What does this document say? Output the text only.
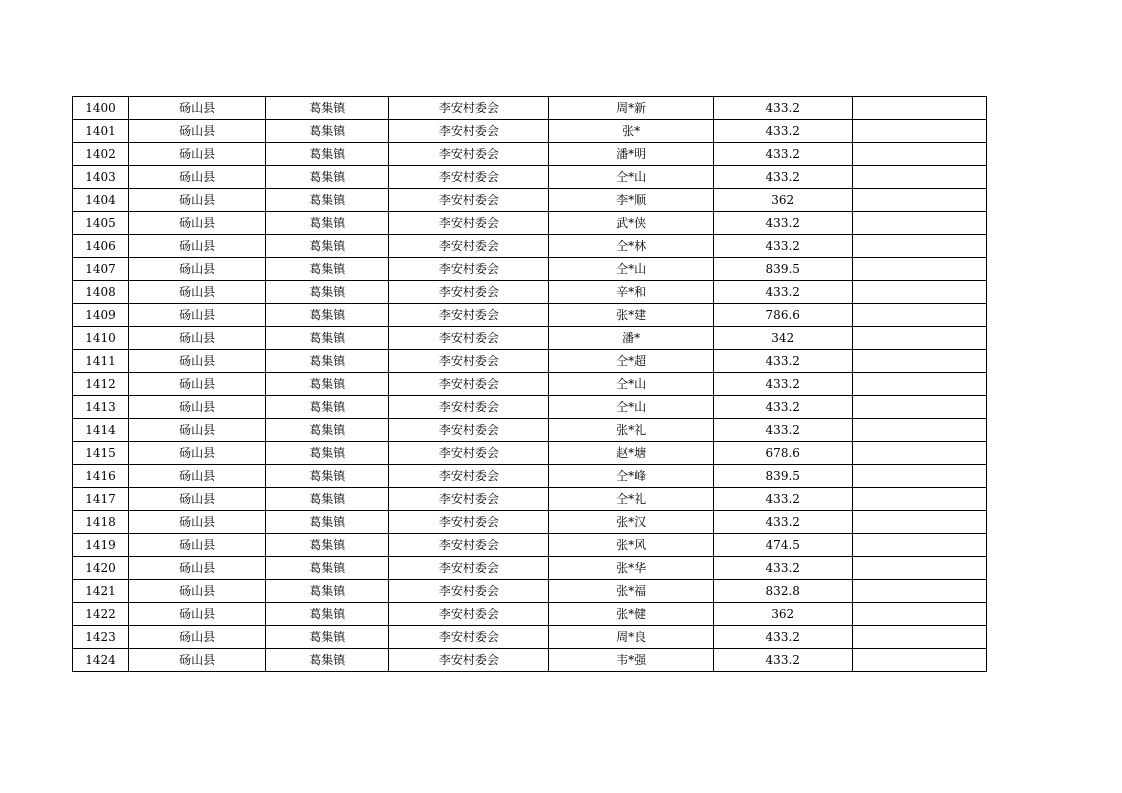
1400	砀山县	葛集镇	李安村委会	周*新	433.2	
1401	砀山县	葛集镇	李安村委会	张*	433.2	
1402	砀山县	葛集镇	李安村委会	潘*明	433.2	
1403	砀山县	葛集镇	李安村委会	仝*山	433.2	
1404	砀山县	葛集镇	李安村委会	李*顺	362	
1405	砀山县	葛集镇	李安村委会	武*侠	433.2	
1406	砀山县	葛集镇	李安村委会	仝*林	433.2	
1407	砀山县	葛集镇	李安村委会	仝*山	839.5	
1408	砀山县	葛集镇	李安村委会	辛*和	433.2	
1409	砀山县	葛集镇	李安村委会	张*建	786.6	
1410	砀山县	葛集镇	李安村委会	潘*	342	
1411	砀山县	葛集镇	李安村委会	仝*超	433.2	
1412	砀山县	葛集镇	李安村委会	仝*山	433.2	
1413	砀山县	葛集镇	李安村委会	仝*山	433.2	
1414	砀山县	葛集镇	李安村委会	张*礼	433.2	
1415	砀山县	葛集镇	李安村委会	赵*塘	678.6	
1416	砀山县	葛集镇	李安村委会	仝*峰	839.5	
1417	砀山县	葛集镇	李安村委会	仝*礼	433.2	
1418	砀山县	葛集镇	李安村委会	张*汉	433.2	
1419	砀山县	葛集镇	李安村委会	张*风	474.5	
1420	砀山县	葛集镇	李安村委会	张*华	433.2	
1421	砀山县	葛集镇	李安村委会	张*福	832.8	
1422	砀山县	葛集镇	李安村委会	张*健	362	
1423	砀山县	葛集镇	李安村委会	周*良	433.2	
1424	砀山县	葛集镇	李安村委会	韦*强	433.2	
